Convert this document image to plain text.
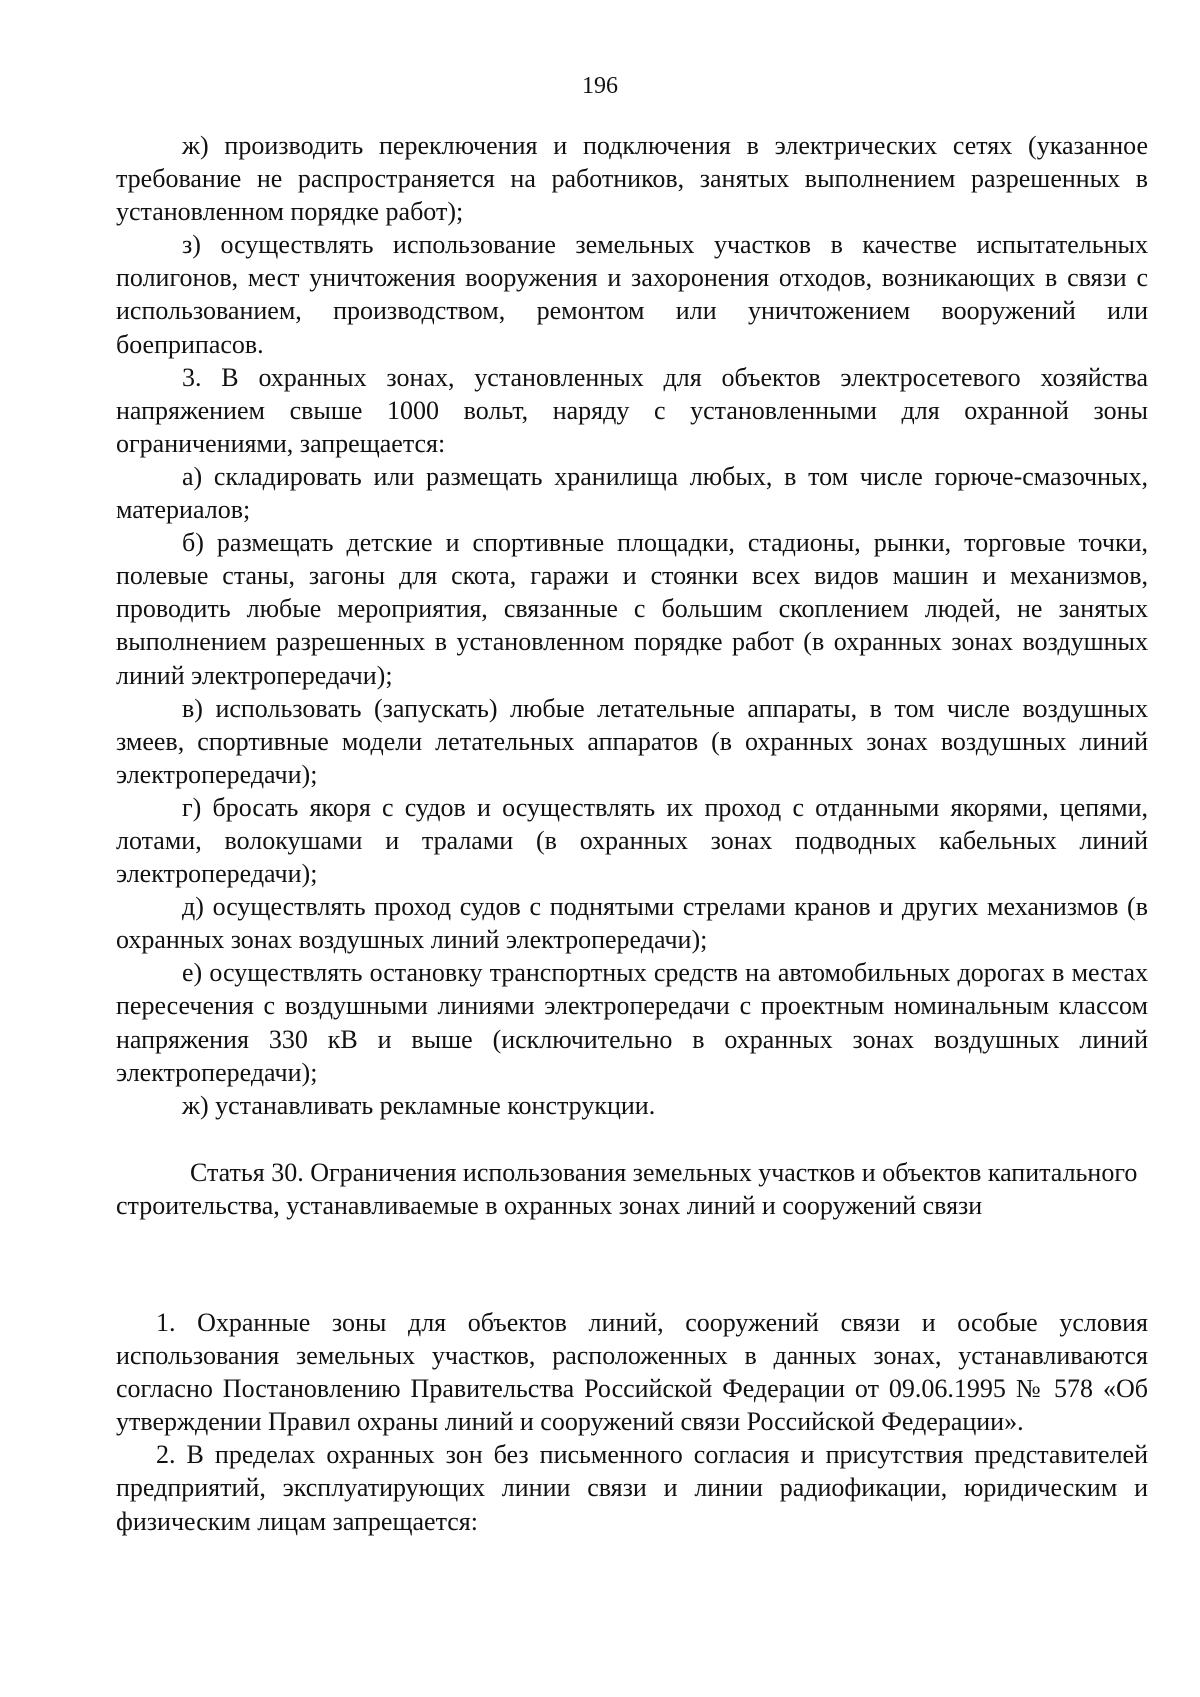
196

ж) производить переключения и подключения в электрических сетях (указанное требование не распространяется на работников, занятых выполнением разрешенных в установленном порядке работ);

з) осуществлять использование земельных участков в качестве испытательных полигонов, мест уничтожения вооружения и захоронения отходов, возникающих в связи с использованием, производством, ремонтом или уничтожением вооружений или боеприпасов.

3. В охранных зонах, установленных для объектов электросетевого хозяйства напряжением свыше 1000 вольт, наряду с установленными для охранной зоны ограничениями, запрещается:

а) складировать или размещать хранилища любых, в том числе горюче-смазочных, материалов;

б) размещать детские и спортивные площадки, стадионы, рынки, торговые точки, полевые станы, загоны для скота, гаражи и стоянки всех видов машин и механизмов, проводить любые мероприятия, связанные с большим скоплением людей, не занятых выполнением разрешенных в установленном порядке работ (в охранных зонах воздушных линий электропередачи);

в) использовать (запускать) любые летательные аппараты, в том числе воздушных змеев, спортивные модели летательных аппаратов (в охранных зонах воздушных линий электропередачи);

г) бросать якоря с судов и осуществлять их проход с отданными якорями, цепями, лотами, волокушами и тралами (в охранных зонах подводных кабельных линий электропередачи);

д) осуществлять проход судов с поднятыми стрелами кранов и других механизмов (в охранных зонах воздушных линий электропередачи);

е) осуществлять остановку транспортных средств на автомобильных дорогах в местах пересечения с воздушными линиями электропередачи с проектным номинальным классом напряжения 330 кВ и выше (исключительно в охранных зонах воздушных линий электропередачи);

ж) устанавливать рекламные конструкции.

Статья 30. Ограничения использования земельных участков и объектов капитального строительства, устанавливаемые в охранных зонах линий и сооружений связи

1. Охранные зоны для объектов линий, сооружений связи и особые условия использования земельных участков, расположенных в данных зонах, устанавливаются согласно Постановлению Правительства Российской Федерации от 09.06.1995 № 578 «Об утверждении Правил охраны линий и сооружений связи Российской Федерации».

2. В пределах охранных зон без письменного согласия и присутствия представителей предприятий, эксплуатирующих линии связи и линии радиофикации, юридическим и физическим лицам запрещается:
